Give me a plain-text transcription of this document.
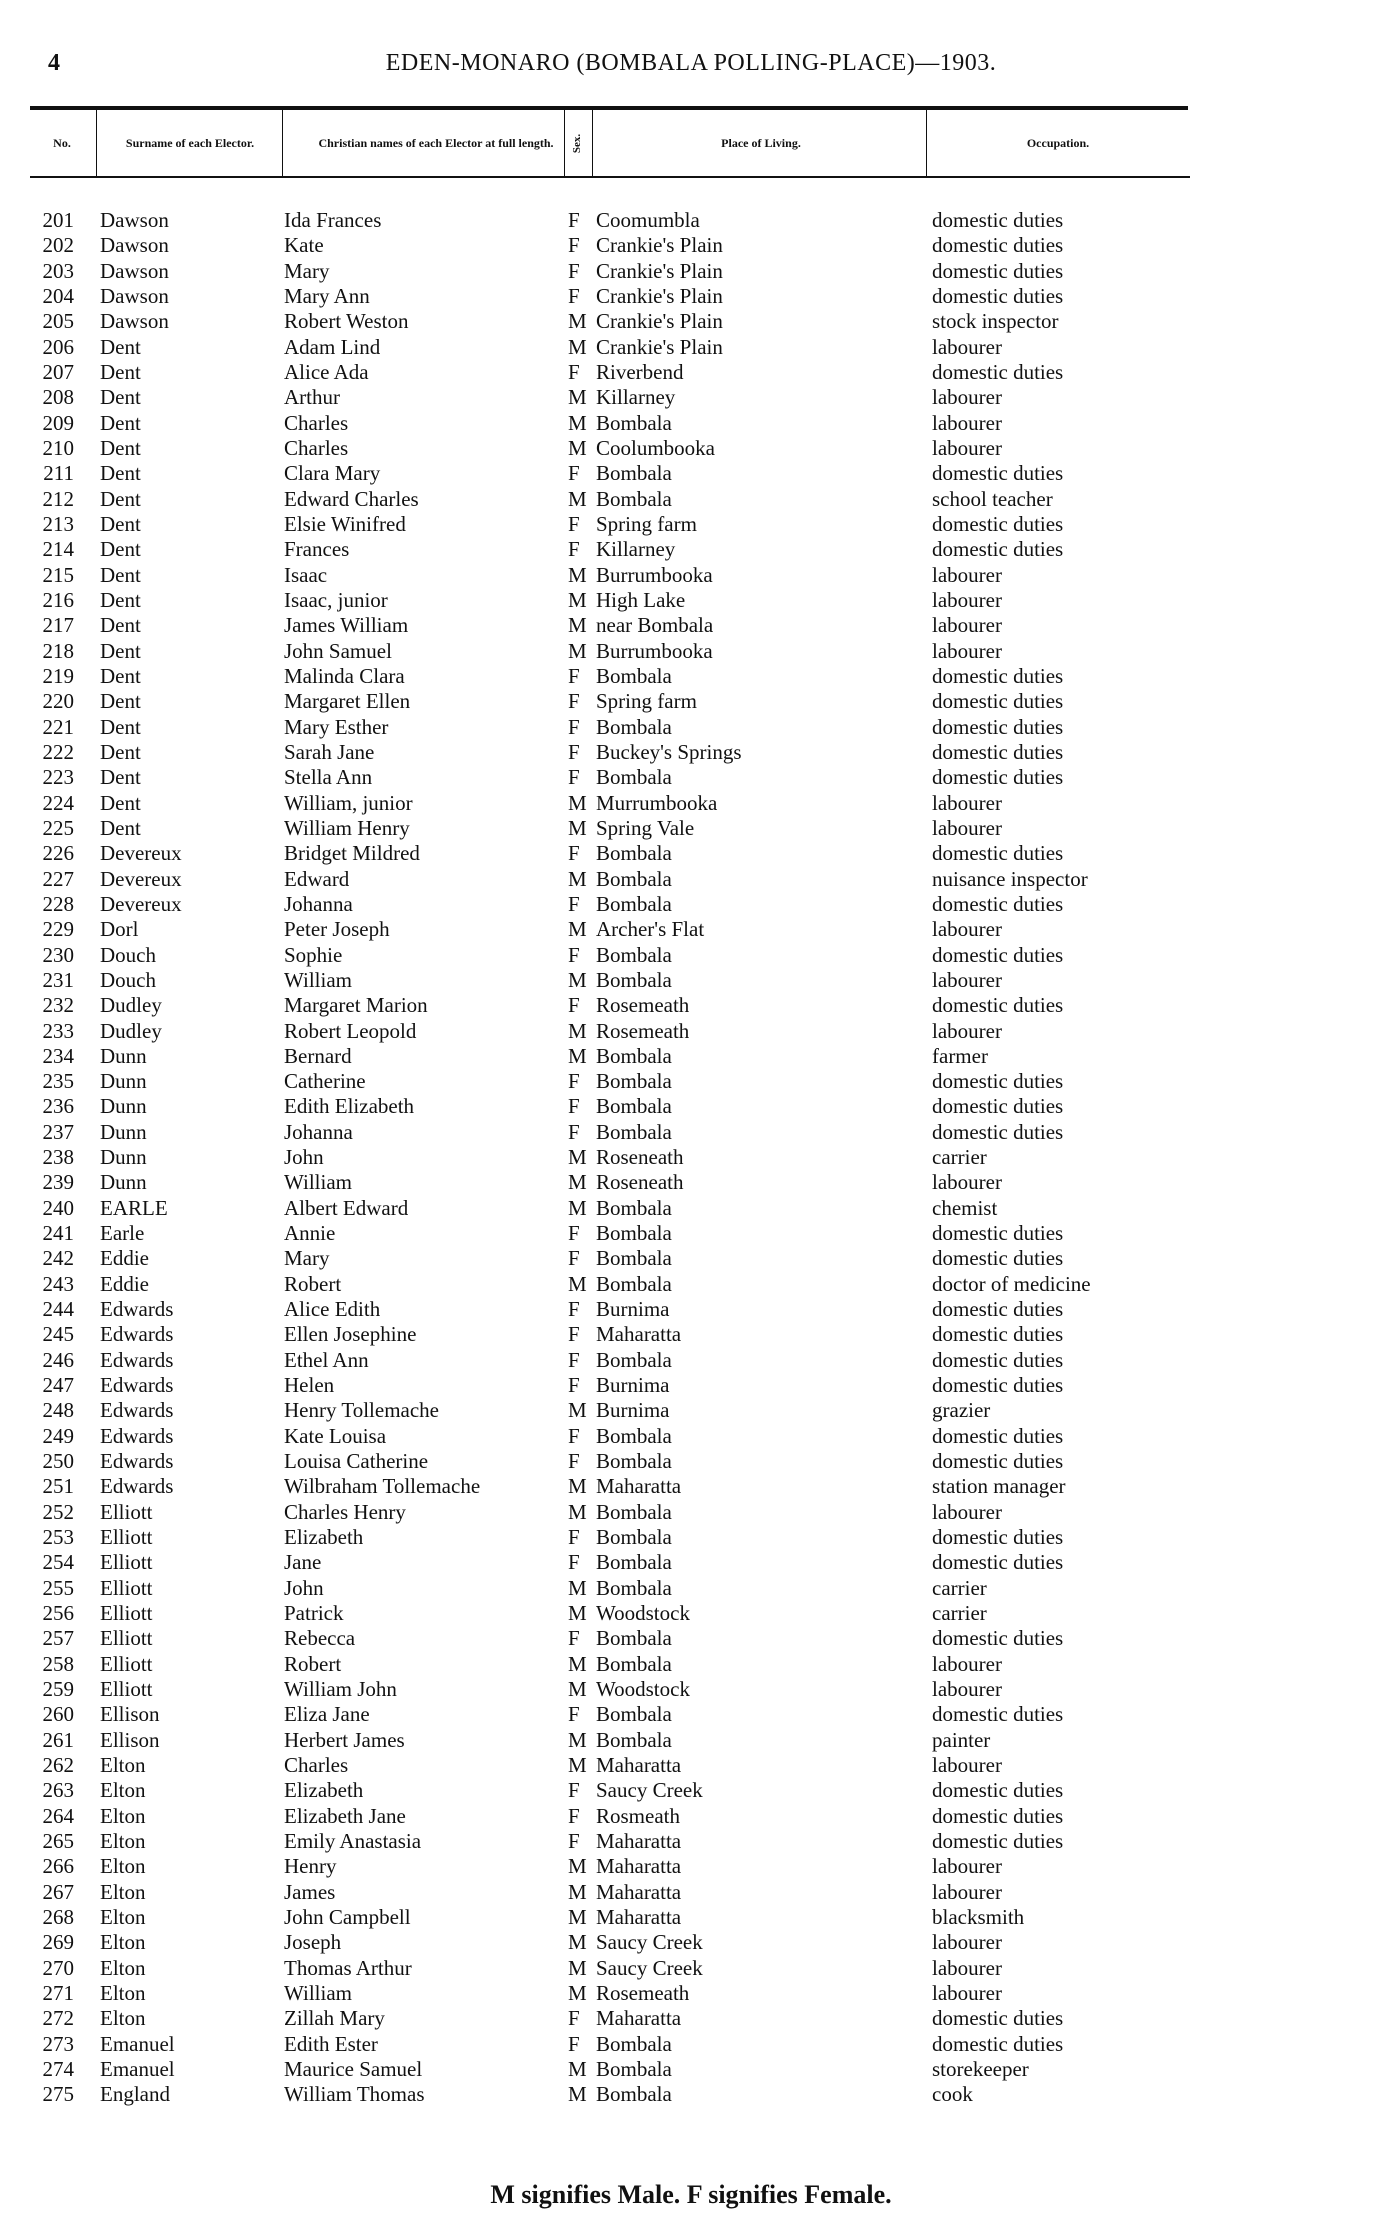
4	EDEN-MONARO (BOMBALA POLLING-PLACE)—1903.
No.	Surname of each Elector.	Christian names of each Elector at full length.	Sex.	Place of Living.	Occupation.
201 Dawson	Ida Frances	F Coomumbla	domestic duties
202 Dawson	Kate	F Crankie's Plain	domestic duties
203 Dawson	Mary	F Crankie's Plain	domestic duties
204 Dawson	Mary Ann	F Crankie's Plain	domestic duties
205 Dawson	Robert Weston	M Crankie's Plain	stock inspector
206 Dent	Adam Lind	M Crankie's Plain	labourer
207 Dent	Alice Ada	F Riverbend	domestic duties
208 Dent	Arthur	M Killarney	labourer
209 Dent	Charles	M Bombala	labourer
210 Dent	Charles	M Coolumbooka	labourer
211 Dent	Clara Mary	F Bombala	domestic duties
212 Dent	Edward Charles	M Bombala	school teacher
213 Dent	Elsie Winifred	F Spring farm	domestic duties
214 Dent	Frances	F Killarney	domestic duties
215 Dent	Isaac	M Burrumbooka	labourer
216 Dent	Isaac, junior	M High Lake	labourer
217 Dent	James William	M near Bombala	labourer
218 Dent	John Samuel	M Burrumbooka	labourer
219 Dent	Malinda Clara	F Bombala	domestic duties
220 Dent	Margaret Ellen	F Spring farm	domestic duties
221 Dent	Mary Esther	F Bombala	domestic duties
222 Dent	Sarah Jane	F Buckey's Springs	domestic duties
223 Dent	Stella Ann	F Bombala	domestic duties
224 Dent	William, junior	M Murrumbooka	labourer
225 Dent	William Henry	M Spring Vale	labourer
226 Devereux	Bridget Mildred	F Bombala	domestic duties
227 Devereux	Edward	M Bombala	nuisance inspector
228 Devereux	Johanna	F Bombala	domestic duties
229 Dorl	Peter Joseph	M Archer's Flat	labourer
230 Douch	Sophie	F Bombala	domestic duties
231 Douch	William	M Bombala	labourer
232 Dudley	Margaret Marion	F Rosemeath	domestic duties
233 Dudley	Robert Leopold	M Rosemeath	labourer
234 Dunn	Bernard	M Bombala	farmer
235 Dunn	Catherine	F Bombala	domestic duties
236 Dunn	Edith Elizabeth	F Bombala	domestic duties
237 Dunn	Johanna	F Bombala	domestic duties
238 Dunn	John	M Roseneath	carrier
239 Dunn	William	M Roseneath	labourer
240 EARLE	Albert Edward	M Bombala	chemist
241 Earle	Annie	F Bombala	domestic duties
242 Eddie	Mary	F Bombala	domestic duties
243 Eddie	Robert	M Bombala	doctor of medicine
244 Edwards	Alice Edith	F Burnima	domestic duties
245 Edwards	Ellen Josephine	F Maharatta	domestic duties
246 Edwards	Ethel Ann	F Bombala	domestic duties
247 Edwards	Helen	F Burnima	domestic duties
248 Edwards	Henry Tollemache	M Burnima	grazier
249 Edwards	Kate Louisa	F Bombala	domestic duties
250 Edwards	Louisa Catherine	F Bombala	domestic duties
251 Edwards	Wilbraham Tollemache	M Maharatta	station manager
252 Elliott	Charles Henry	M Bombala	labourer
253 Elliott	Elizabeth	F Bombala	domestic duties
254 Elliott	Jane	F Bombala	domestic duties
255 Elliott	John	M Bombala	carrier
256 Elliott	Patrick	M Woodstock	carrier
257 Elliott	Rebecca	F Bombala	domestic duties
258 Elliott	Robert	M Bombala	labourer
259 Elliott	William John	M Woodstock	labourer
260 Ellison	Eliza Jane	F Bombala	domestic duties
261 Ellison	Herbert James	M Bombala	painter
262 Elton	Charles	M Maharatta	labourer
263 Elton	Elizabeth	F Saucy Creek	domestic duties
264 Elton	Elizabeth Jane	F Rosmeath	domestic duties
265 Elton	Emily Anastasia	F Maharatta	domestic duties
266 Elton	Henry	M Maharatta	labourer
267 Elton	James	M Maharatta	labourer
268 Elton	John Campbell	M Maharatta	blacksmith
269 Elton	Joseph	M Saucy Creek	labourer
270 Elton	Thomas Arthur	M Saucy Creek	labourer
271 Elton	William	M Rosemeath	labourer
272 Elton	Zillah Mary	F Maharatta	domestic duties
273 Emanuel	Edith Ester	F Bombala	domestic duties
274 Emanuel	Maurice Samuel	M Bombala	storekeeper
275 England	William Thomas	M Bombala	cook
M signifies Male. F signifies Female.
